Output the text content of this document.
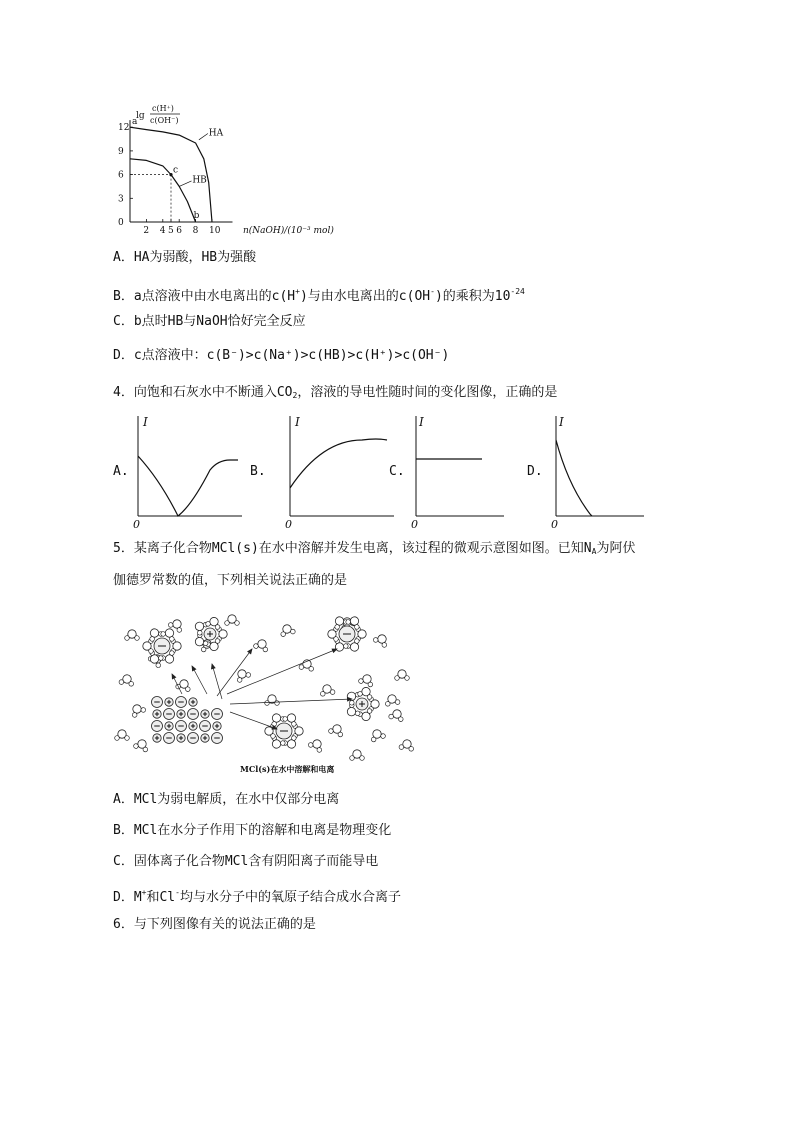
lg
c(H⁺)
c(OH⁻)
12
9
6
3
0
2 4 5 6 8 10
HA
HB
c
a
b
n(NaOH)/(10⁻³ mol)
A．HA为弱酸，HB为强酸
B．a点溶液中由水电离出的c(H+)与由水电离出的c(OH-)的乘积为$10^{-24}$
C．b点时HB与NaOH恰好完全反应
D．c点溶液中：c(B⁻)>c(Na⁺)>c(HB)>c(H⁺)>c(OH⁻)
4．向饱和石灰水中不断通入$CO_2$，溶液的导电性随时间的变化图像，正确的是
A.
I
0
B.
I
0
C.
I
0
D.
I
0
5．某离子化合物MCl(s)在水中溶解并发生电离，该过程的微观示意图如图。已知$N_A$为阿伏
伽德罗常数的值，下列相关说法正确的是
MCl(s)在水中溶解和电离
A．MCl为弱电解质，在水中仅部分电离
B．MCl在水分子作用下的溶解和电离是物理变化
C．固体离子化合物MCl含有阴阳离子而能导电
D．M+和Cl-均与水分子中的氧原子结合成水合离子
6．与下列图像有关的说法正确的是
